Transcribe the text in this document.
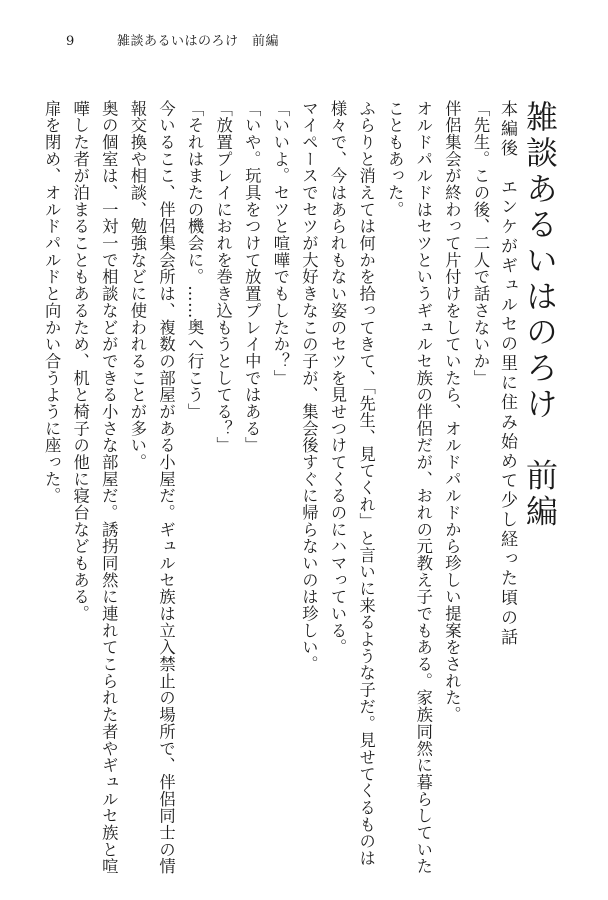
9	雑談あるいはのろけ　前編
雑談あるいはのろけ　前編

本編後　エンケがギュルセの里に住み始めて少し経った頃の話

「先生。この後、二人で話さないか」

伴侶集会が終わって片付けをしていたら、オルドパルドから珍しい提案をされた。

オルドパルドはセツというギュルセ族の伴侶だが、おれの元教え子でもある。家族同然に暮らしていたこともあった。

ふらりと消えては何かを拾ってきて、「先生、見てくれ」と言いに来るような子だ。見せてくるものは様々で、今はあられもない姿のセツを見せつけてくるのにハマっている。

マイペースでセツが大好きなこの子が、集会後すぐに帰らないのは珍しい。

「いいよ。セツと喧嘩でもしたか？」

「いや。玩具をつけて放置プレイ中ではある」

「放置プレイにおれを巻き込もうとしてる？」

「それはまたの機会に。……奥へ行こう」

今いるここ、伴侶集会所は、複数の部屋がある小屋だ。ギュルセ族は立入禁止の場所で、伴侶同士の情報交換や相談、勉強などに使われることが多い。

奥の個室は、一対一で相談などができる小さな部屋だ。誘拐同然に連れてこられた者やギュルセ族と喧嘩した者が泊まることもあるため、机と椅子の他に寝台などもある。

扉を閉め、オルドパルドと向かい合うように座った。
